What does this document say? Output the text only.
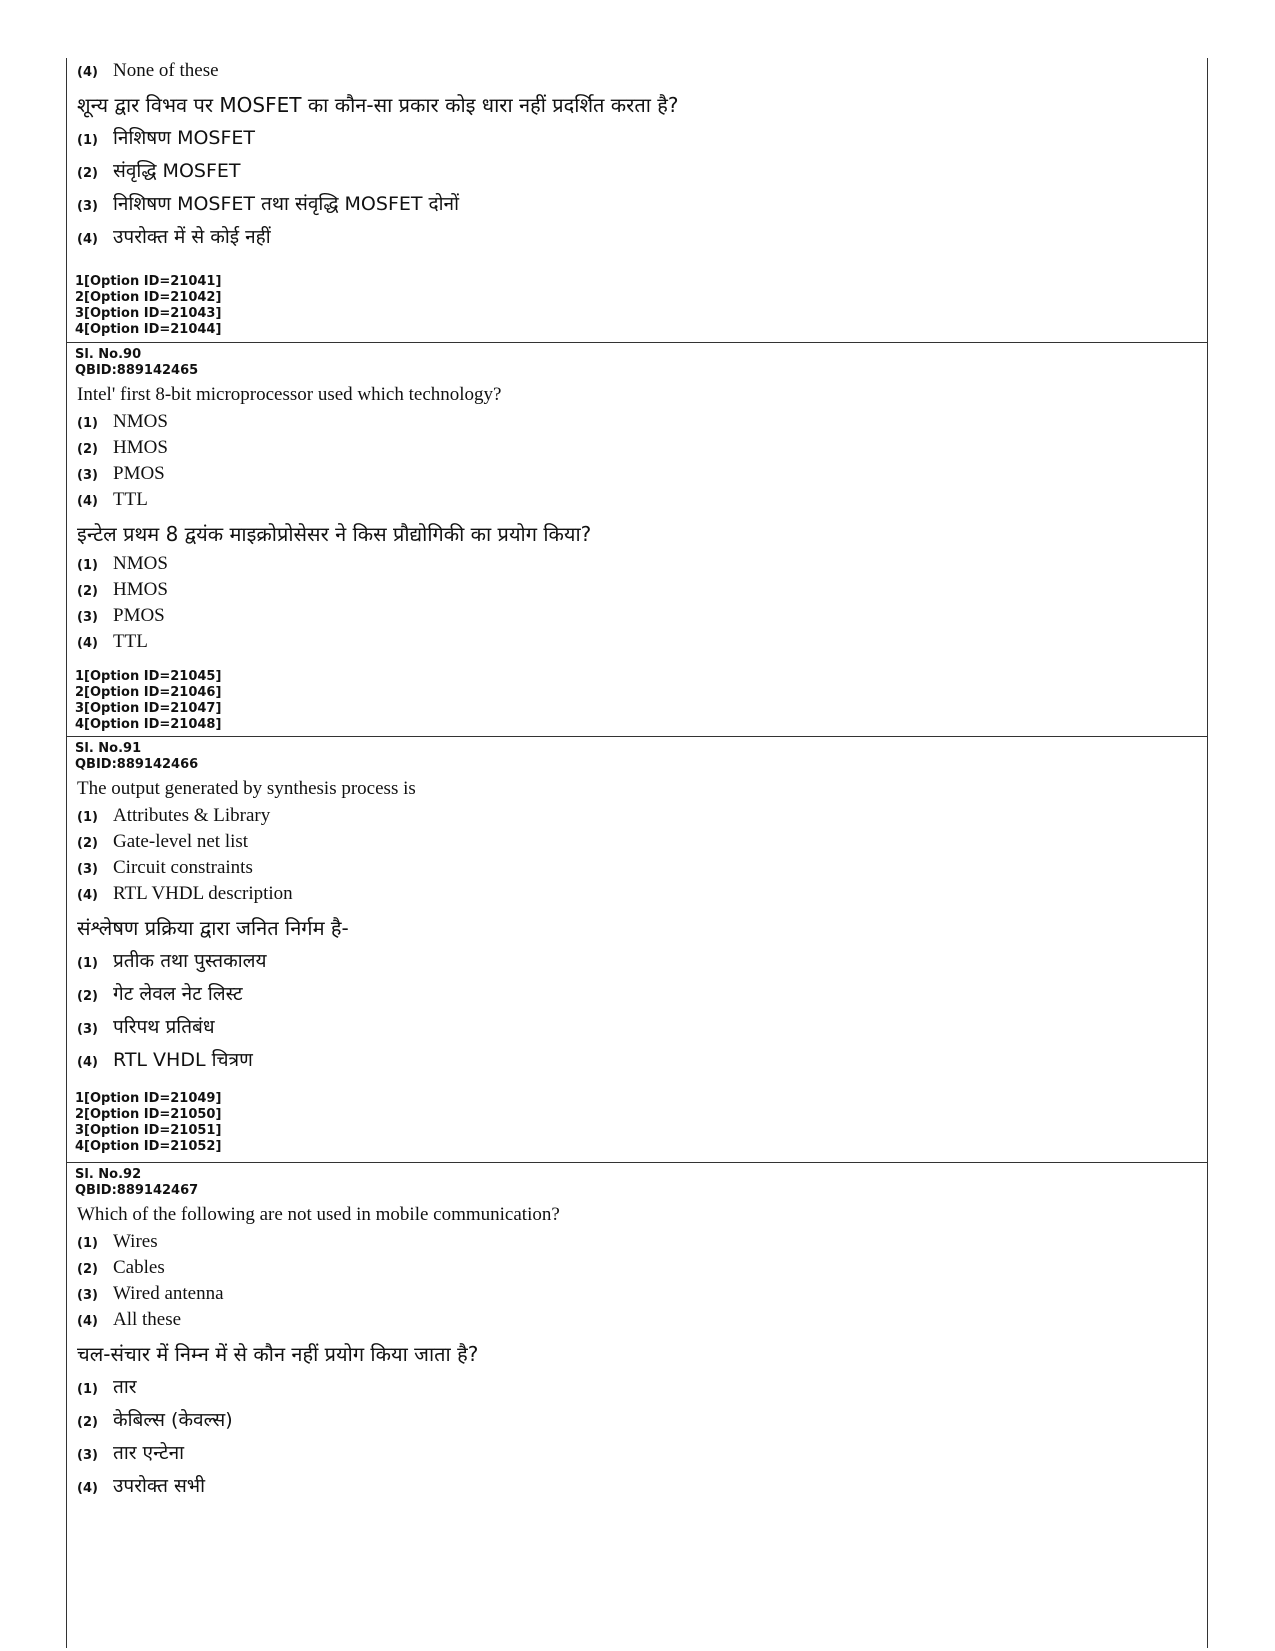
(4) None of these
शून्य द्वार विभव पर MOSFET का कौन-सा प्रकार कोइ धारा नहीं प्रदर्शित करता है?
(1) निशिषण MOSFET
(2) संवृद्धि MOSFET
(3) निशिषण MOSFET तथा संवृद्धि MOSFET दोनों
(4) उपरोक्त में से कोई नहीं
1[Option ID=21041]
2[Option ID=21042]
3[Option ID=21043]
4[Option ID=21044]
Sl. No.90
QBID:889142465
Intel' first 8-bit microprocessor used which technology?
(1) NMOS
(2) HMOS
(3) PMOS
(4) TTL
इन्टेल प्रथम 8 द्वयंक माइक्रोप्रोसेसर ने किस प्रौद्योगिकी का प्रयोग किया?
(1) NMOS
(2) HMOS
(3) PMOS
(4) TTL
1[Option ID=21045]
2[Option ID=21046]
3[Option ID=21047]
4[Option ID=21048]
Sl. No.91
QBID:889142466
The output generated by synthesis process is
(1) Attributes & Library
(2) Gate-level net list
(3) Circuit constraints
(4) RTL VHDL description
संश्लेषण प्रक्रिया द्वारा जनित निर्गम है-
(1) प्रतीक तथा पुस्तकालय
(2) गेट लेवल नेट लिस्ट
(3) परिपथ प्रतिबंध
(4) RTL VHDL चित्रण
1[Option ID=21049]
2[Option ID=21050]
3[Option ID=21051]
4[Option ID=21052]
Sl. No.92
QBID:889142467
Which of the following are not used in mobile communication?
(1) Wires
(2) Cables
(3) Wired antenna
(4) All these
चल-संचार में निम्न में से कौन नहीं प्रयोग किया जाता है?
(1) तार
(2) केबिल्स (केवल्स)
(3) तार एन्टेना
(4) उपरोक्त सभी
